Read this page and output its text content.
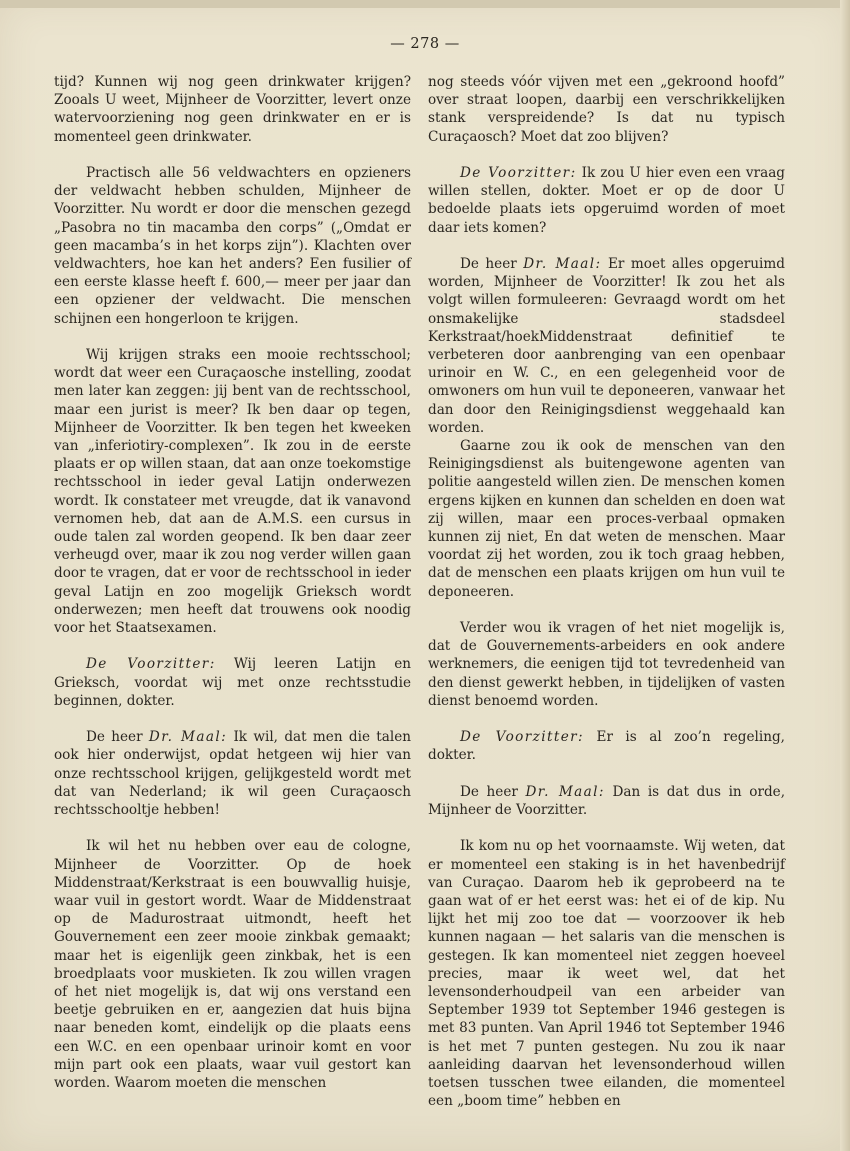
— 278 —

tijd? Kunnen wij nog geen drinkwater krijgen? Zooals U weet, Mijnheer de Voorzitter, levert onze watervoorziening nog geen drinkwater en er is momenteel geen drinkwater.

Practisch alle 56 veldwachters en opzieners der veldwacht hebben schulden, Mijnheer de Voorzitter. Nu wordt er door die menschen gezegd „Pasobra no tin macamba den corps” („Omdat er geen macamba’s in het korps zijn”). Klachten over veldwachters, hoe kan het anders? Een fusilier of een eerste klasse heeft f. 600,— meer per jaar dan een opziener der veldwacht. Die menschen schijnen een hongerloon te krijgen.

Wij krijgen straks een mooie rechtsschool; wordt dat weer een Curaçaosche instelling, zoodat men later kan zeggen: jij bent van de rechtsschool, maar een jurist is meer? Ik ben daar op tegen, Mijnheer de Voorzitter. Ik ben tegen het kweeken van „inferiotiry-complexen”. Ik zou in de eerste plaats er op willen staan, dat aan onze toekomstige rechtsschool in ieder geval Latijn onderwezen wordt. Ik constateer met vreugde, dat ik vanavond vernomen heb, dat aan de A.M.S. een cursus in oude talen zal worden geopend. Ik ben daar zeer verheugd over, maar ik zou nog verder willen gaan door te vragen, dat er voor de rechtsschool in ieder geval Latijn en zoo mogelijk Grieksch wordt onderwezen; men heeft dat trouwens ook noodig voor het Staatsexamen.

De Voorzitter: Wij leeren Latijn en Grieksch, voordat wij met onze rechtsstudie beginnen, dokter.

De heer Dr. Maal: Ik wil, dat men die talen ook hier onderwijst, opdat hetgeen wij hier van onze rechtsschool krijgen, gelijkgesteld wordt met dat van Nederland; ik wil geen Curaçaosch rechtsschooltje hebben!

Ik wil het nu hebben over eau de cologne, Mijnheer de Voorzitter. Op de hoek Middenstraat/Kerkstraat is een bouwvallig huisje, waar vuil in gestort wordt. Waar de Middenstraat op de Madurostraat uitmondt, heeft het Gouvernement een zeer mooie zinkbak gemaakt; maar het is eigenlijk geen zinkbak, het is een broedplaats voor muskieten. Ik zou willen vragen of het niet mogelijk is, dat wij ons verstand een beetje gebruiken en er, aangezien dat huis bijna naar beneden komt, eindelijk op die plaats eens een W.C. en een openbaar urinoir komt en voor mijn part ook een plaats, waar vuil gestort kan worden. Waarom moeten die menschen

nog steeds vóór vijven met een „gekroond hoofd” over straat loopen, daarbij een verschrikkelijken stank verspreidende? Is dat nu typisch Curaçaosch? Moet dat zoo blijven?

De Voorzitter: Ik zou U hier even een vraag willen stellen, dokter. Moet er op de door U bedoelde plaats iets opgeruimd worden of moet daar iets komen?

De heer Dr. Maal: Er moet alles opgeruimd worden, Mijnheer de Voorzitter! Ik zou het als volgt willen formuleeren: Gevraagd wordt om het onsmakelijke stadsdeel Kerkstraat/hoekMiddenstraat definitief te verbeteren door aanbrenging van een openbaar urinoir en W. C., en een gelegenheid voor de omwoners om hun vuil te deponeeren, vanwaar het dan door den Reinigingsdienst weggehaald kan worden.

Gaarne zou ik ook de menschen van den Reinigingsdienst als buitengewone agenten van politie aangesteld willen zien. De menschen komen ergens kijken en kunnen dan schelden en doen wat zij willen, maar een proces-verbaal opmaken kunnen zij niet, En dat weten de menschen. Maar voordat zij het worden, zou ik toch graag hebben, dat de menschen een plaats krijgen om hun vuil te deponeeren.

Verder wou ik vragen of het niet mogelijk is, dat de Gouvernements-arbeiders en ook andere werknemers, die eenigen tijd tot tevredenheid van den dienst gewerkt hebben, in tijdelijken of vasten dienst benoemd worden.

De Voorzitter: Er is al zoo’n regeling, dokter.

De heer Dr. Maal: Dan is dat dus in orde, Mijnheer de Voorzitter.

Ik kom nu op het voornaamste. Wij weten, dat er momenteel een staking is in het havenbedrijf van Curaçao. Daarom heb ik geprobeerd na te gaan wat of er het eerst was: het ei of de kip. Nu lijkt het mij zoo toe dat — voorzoover ik heb kunnen nagaan — het salaris van die menschen is gestegen. Ik kan momenteel niet zeggen hoeveel precies, maar ik weet wel, dat het levensonderhoudpeil van een arbeider van September 1939 tot September 1946 gestegen is met 83 punten. Van April 1946 tot September 1946 is het met 7 punten gestegen. Nu zou ik naar aanleiding daarvan het levensonderhoud willen toetsen tusschen twee eilanden, die momenteel een „boom time” hebben en
